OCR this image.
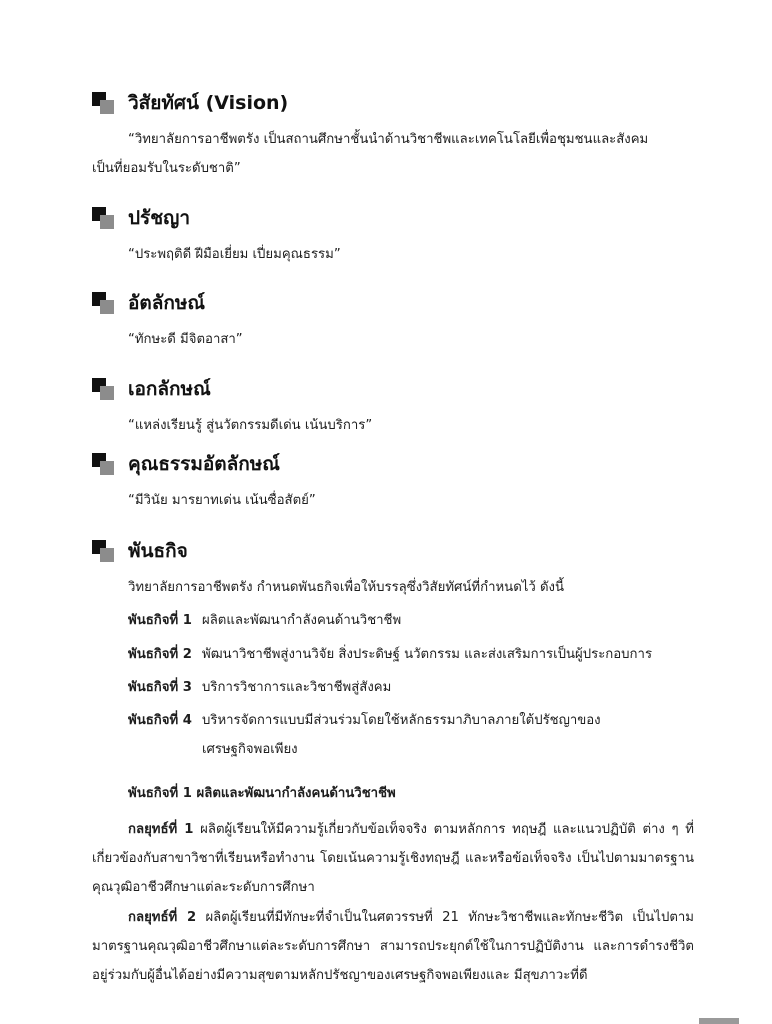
วิสัยทัศน์ (Vision)
“วิทยาลัยการอาชีพตรัง เป็นสถานศึกษาชั้นนำด้านวิชาชีพและเทคโนโลยีเพื่อชุมชนและสังคม
เป็นที่ยอมรับในระดับชาติ”
ปรัชญา
“ประพฤติดี ฝีมือเยี่ยม เปี่ยมคุณธรรม”
อัตลักษณ์
“ทักษะดี มีจิตอาสา”
เอกลักษณ์
“แหล่งเรียนรู้ สู่นวัตกรรมดีเด่น เน้นบริการ”
คุณธรรมอัตลักษณ์
“มีวินัย มารยาทเด่น เน้นซื่อสัตย์”
พันธกิจ
วิทยาลัยการอาชีพตรัง กำหนดพันธกิจเพื่อให้บรรลุซึ่งวิสัยทัศน์ที่กำหนดไว้ ดังนี้
พันธกิจที่ 1 ผลิตและพัฒนากำลังคนด้านวิชาชีพ
พันธกิจที่ 2 พัฒนาวิชาชีพสู่งานวิจัย สิ่งประดิษฐ์ นวัตกรรม และส่งเสริมการเป็นผู้ประกอบการ
พันธกิจที่ 3 บริการวิชาการและวิชาชีพสู่สังคม
พันธกิจที่ 4 บริหารจัดการแบบมีส่วนร่วมโดยใช้หลักธรรมาภิบาลภายใต้ปรัชญาของ
เศรษฐกิจพอเพียง
พันธกิจที่ 1 ผลิตและพัฒนากำลังคนด้านวิชาชีพ
กลยุทธ์ที่ 1 ผลิตผู้เรียนให้มีความรู้เกี่ยวกับข้อเท็จจริง ตามหลักการ ทฤษฎี และแนวปฏิบัติ ต่าง ๆ ที่เกี่ยวข้องกับสาขาวิชาที่เรียนหรือทำงาน โดยเน้นความรู้เชิงทฤษฎี และหรือข้อเท็จจริง เป็นไปตามมาตรฐานคุณวุฒิอาชีวศึกษาแต่ละระดับการศึกษา
กลยุทธ์ที่ 2 ผลิตผู้เรียนที่มีทักษะที่จำเป็นในศตวรรษที่ 21 ทักษะวิชาชีพและทักษะชีวิต เป็นไปตามมาตรฐานคุณวุฒิอาชีวศึกษาแต่ละระดับการศึกษา สามารถประยุกต์ใช้ในการปฏิบัติงาน และการดำรงชีวิตอยู่ร่วมกับผู้อื่นได้อย่างมีความสุขตามหลักปรัชญาของเศรษฐกิจพอเพียงและ มีสุขภาวะที่ดี
